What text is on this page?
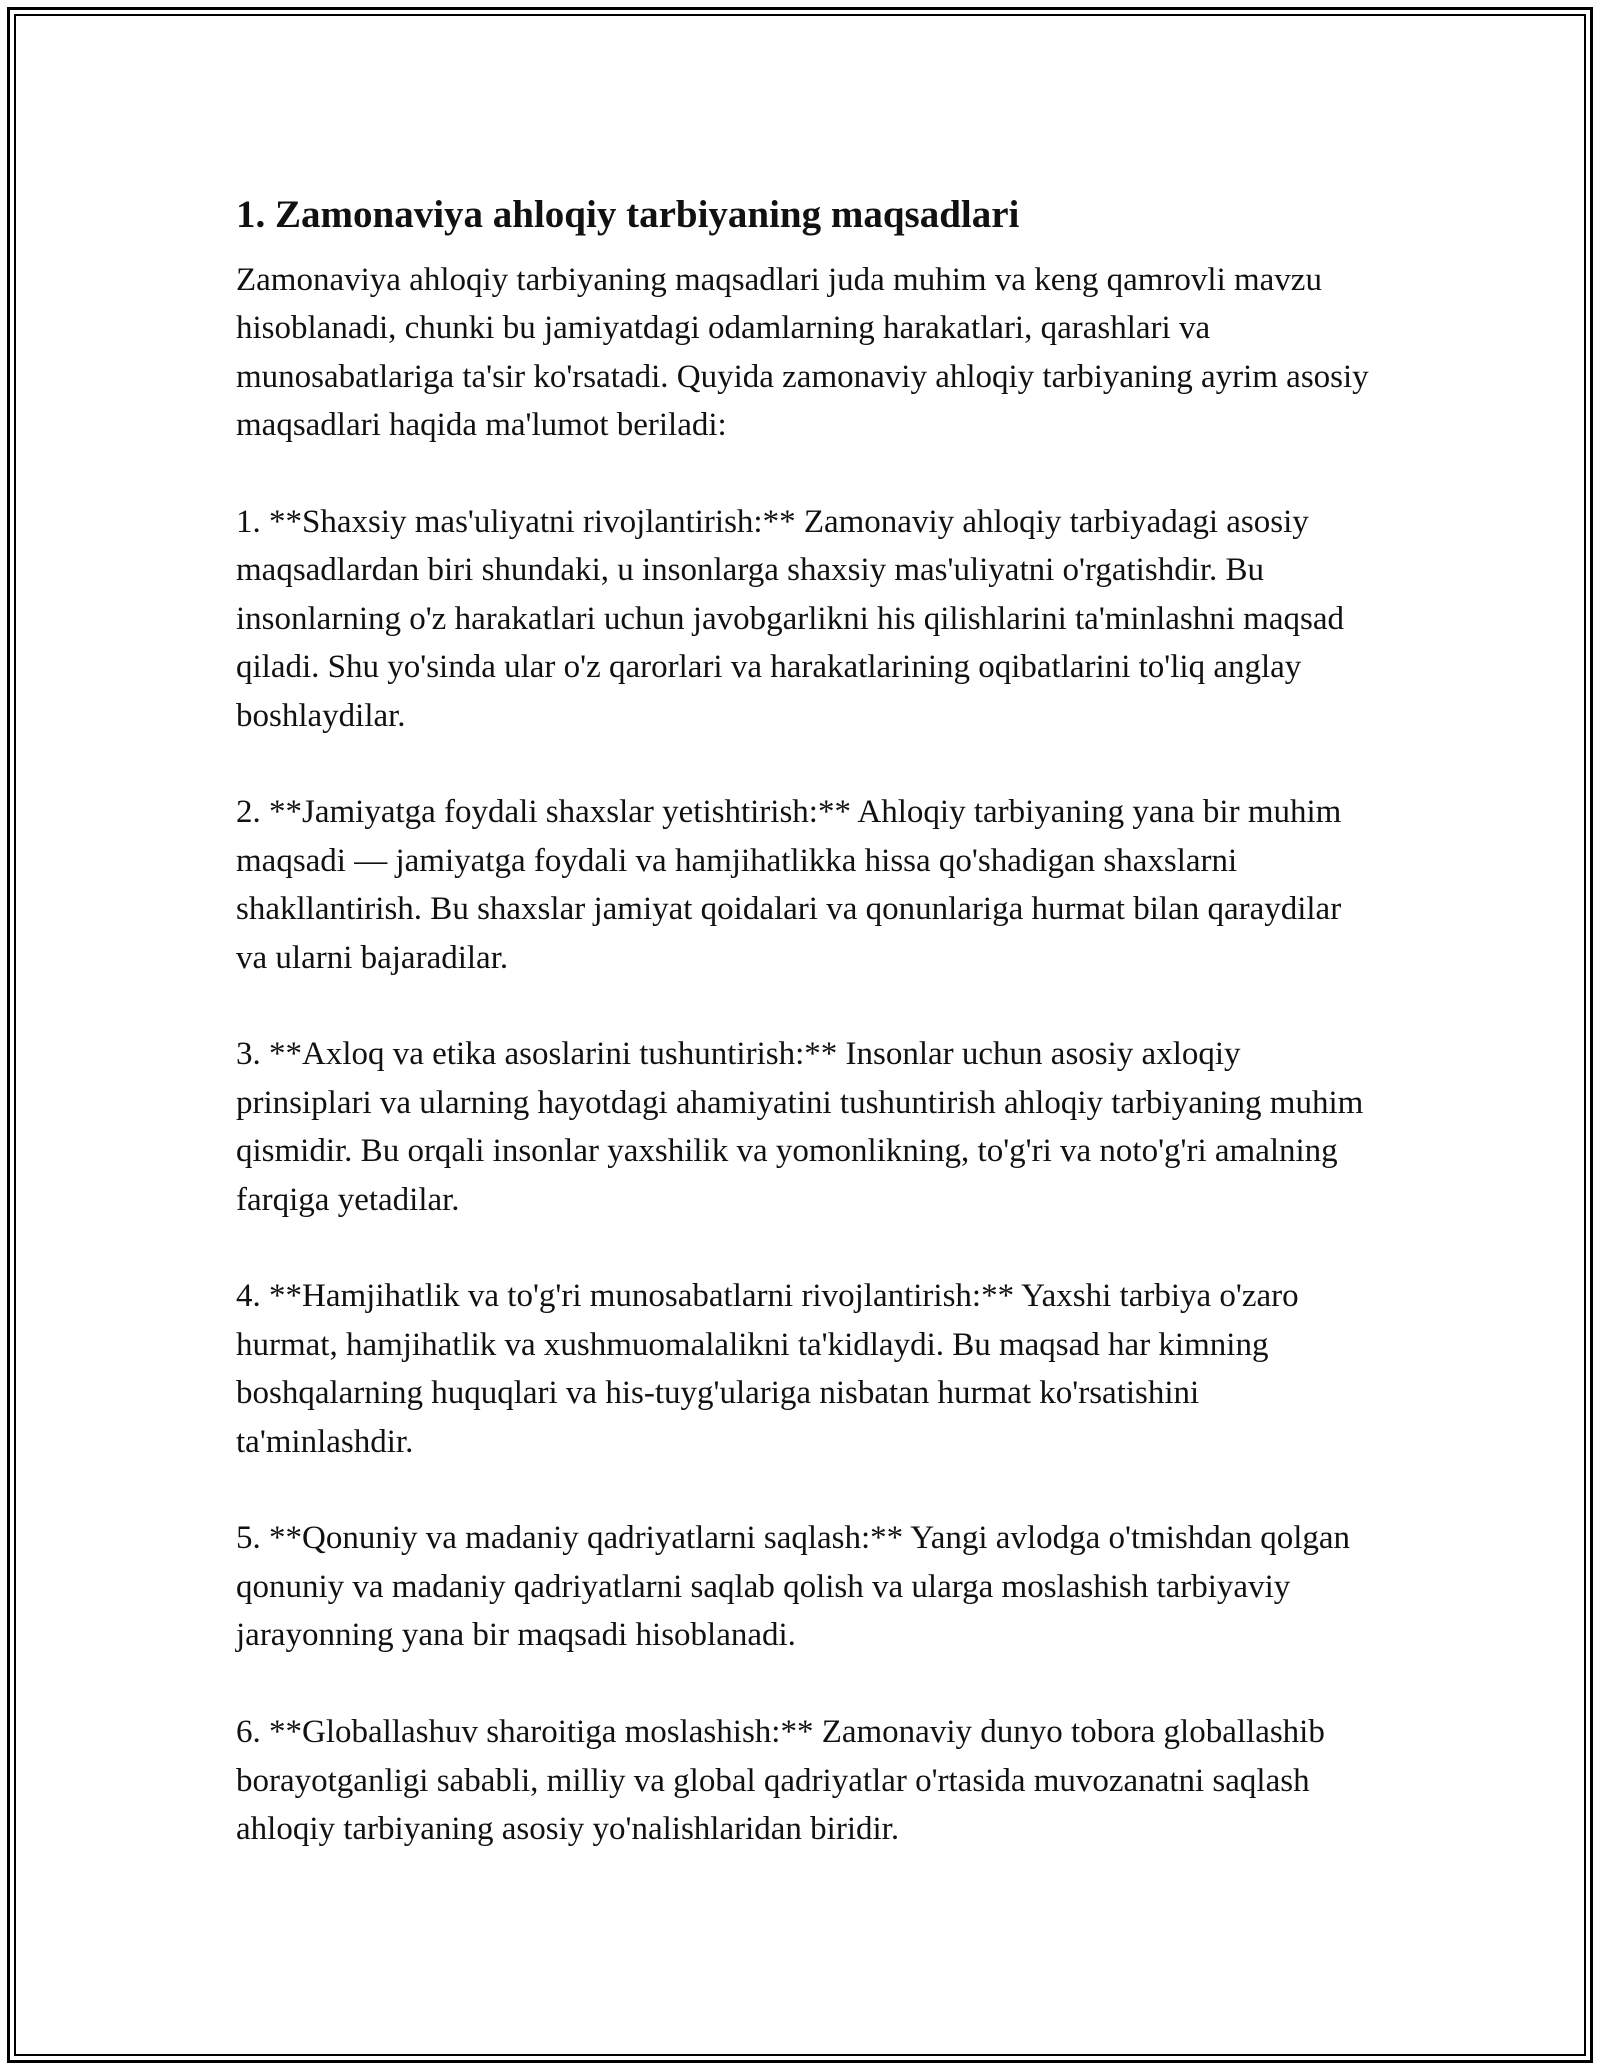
1. Zamonaviya ahloqiy tarbiyaning maqsadlari

Zamonaviya ahloqiy tarbiyaning maqsadlari juda muhim va keng qamrovli mavzu hisoblanadi, chunki bu jamiyatdagi odamlarning harakatlari, qarashlari va munosabatlariga ta'sir ko'rsatadi. Quyida zamonaviy ahloqiy tarbiyaning ayrim asosiy maqsadlari haqida ma'lumot beriladi:

1. **Shaxsiy mas'uliyatni rivojlantirish:** Zamonaviy ahloqiy tarbiyadagi asosiy maqsadlardan biri shundaki, u insonlarga shaxsiy mas'uliyatni o'rgatishdir. Bu insonlarning o'z harakatlari uchun javobgarlikni his qilishlarini ta'minlashni maqsad qiladi. Shu yo'sinda ular o'z qarorlari va harakatlarining oqibatlarini to'liq anglay boshlaydilar.

2. **Jamiyatga foydali shaxslar yetishtirish:** Ahloqiy tarbiyaning yana bir muhim maqsadi — jamiyatga foydali va hamjihatlikka hissa qo'shadigan shaxslarni shakllantirish. Bu shaxslar jamiyat qoidalari va qonunlariga hurmat bilan qaraydilar va ularni bajaradilar.

3. **Axloq va etika asoslarini tushuntirish:** Insonlar uchun asosiy axloqiy prinsiplari va ularning hayotdagi ahamiyatini tushuntirish ahloqiy tarbiyaning muhim qismidir. Bu orqali insonlar yaxshilik va yomonlikning, to'g'ri va noto'g'ri amalning farqiga yetadilar.

4. **Hamjihatlik va to'g'ri munosabatlarni rivojlantirish:** Yaxshi tarbiya o'zaro hurmat, hamjihatlik va xushmuomalalikni ta'kidlaydi. Bu maqsad har kimning boshqalarning huquqlari va his-tuyg'ulariga nisbatan hurmat ko'rsatishini ta'minlashdir.

5. **Qonuniy va madaniy qadriyatlarni saqlash:** Yangi avlodga o'tmishdan qolgan qonuniy va madaniy qadriyatlarni saqlab qolish va ularga moslashish tarbiyaviy jarayonning yana bir maqsadi hisoblanadi.

6. **Globallashuv sharoitiga moslashish:** Zamonaviy dunyo tobora globallashib borayotganligi sababli, milliy va global qadriyatlar o'rtasida muvozanatni saqlash ahloqiy tarbiyaning asosiy yo'nalishlaridan biridir.
